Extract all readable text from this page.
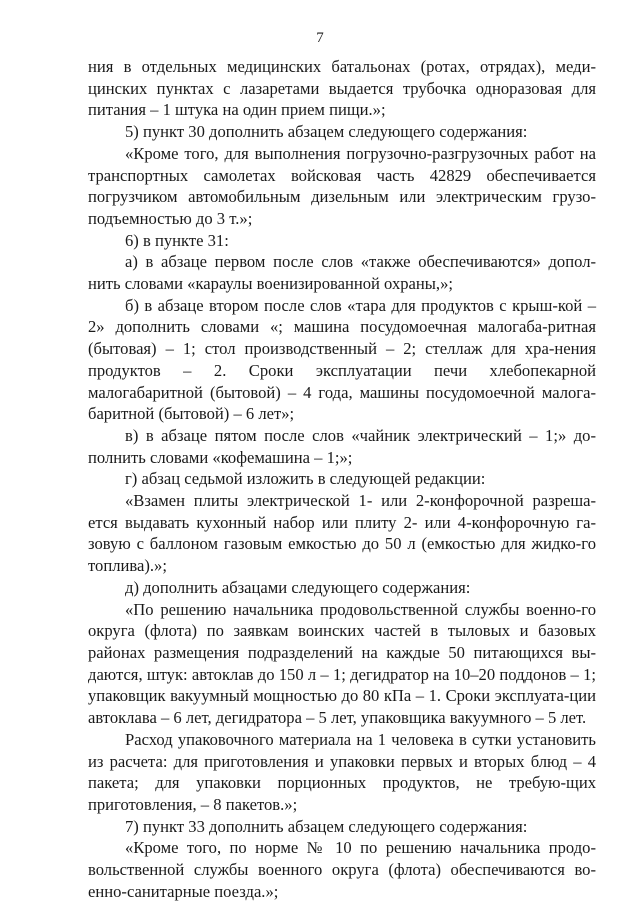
7

ния в отдельных медицинских батальонах (ротах, отрядах), меди-цинских пунктах с лазаретами выдается трубочка одноразовая для питания – 1 штука на один прием пищи.»;

5) пункт 30 дополнить абзацем следующего содержания:

«Кроме того, для выполнения погрузочно-разгрузочных работ на транспортных самолетах войсковая часть 42829 обеспечивается погрузчиком автомобильным дизельным или электрическим грузо-подъемностью до 3 т.»;

6) в пункте 31:

а) в абзаце первом после слов «также обеспечиваются» допол-нить словами «караулы военизированной охраны,»;

б) в абзаце втором после слов «тара для продуктов с крыш-кой – 2» дополнить словами «; машина посудомоечная малогаба-ритная (бытовая) – 1; стол производственный – 2; стеллаж для хра-нения продуктов – 2. Сроки эксплуатации печи хлебопекарной малогабаритной (бытовой) – 4 года, машины посудомоечной малога-баритной (бытовой) – 6 лет»;

в) в абзаце пятом после слов «чайник электрический – 1;» до-полнить словами «кофемашина – 1;»;

г) абзац седьмой изложить в следующей редакции:

«Взамен плиты электрической 1- или 2-конфорочной разреша-ется выдавать кухонный набор или плиту 2- или 4-конфорочную га-зовую с баллоном газовым емкостью до 50 л (емкостью для жидко-го топлива).»;

д) дополнить абзацами следующего содержания:

«По решению начальника продовольственной службы военно-го округа (флота) по заявкам воинских частей в тыловых и базовых районах размещения подразделений на каждые 50 питающихся вы-даются, штук: автоклав до 150 л – 1; дегидратор на 10–20 поддонов – 1; упаковщик вакуумный мощностью до 80 кПа – 1. Сроки эксплуата-ции автоклава – 6 лет, дегидратора – 5 лет, упаковщика вакуумного – 5 лет.

Расход упаковочного материала на 1 человека в сутки установить из расчета: для приготовления и упаковки первых и вторых блюд – 4 пакета; для упаковки порционных продуктов, не требую-щих приготовления, – 8 пакетов.»;

7) пункт 33 дополнить абзацем следующего содержания:

«Кроме того, по норме № 10 по решению начальника продо-вольственной службы военного округа (флота) обеспечиваются во-енно-санитарные поезда.»;
